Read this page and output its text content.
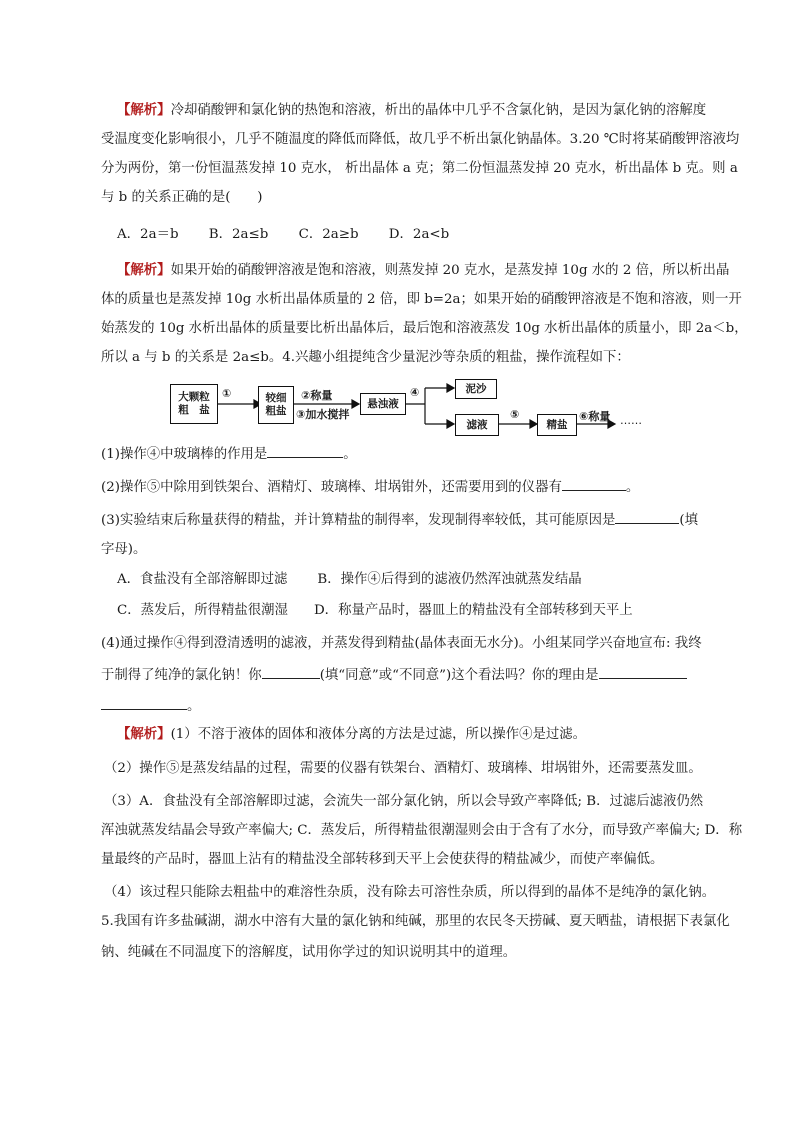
【解析】冷却硝酸钾和氯化钠的热饱和溶液，析出的晶体中几乎不含氯化钠，是因为氯化钠的溶解度

受温度变化影响很小，几乎不随温度的降低而降低，故几乎不析出氯化钠晶体。3.20 ℃时将某硝酸钾溶液均

分为两份，第一份恒温蒸发掉 10 克水， 析出晶体 a 克；第二份恒温蒸发掉 20 克水，析出晶体 b 克。则 a

与 b 的关系正确的是(　　)

A．2a＝b B．2a≤b C．2a≥b D．2a<b

【解析】如果开始的硝酸钾溶液是饱和溶液，则蒸发掉 20 克水，是蒸发掉 10g 水的 2 倍，所以析出晶

体的质量也是蒸发掉 10g 水析出晶体质量的 2 倍，即 b=2a；如果开始的硝酸钾溶液是不饱和溶液，则一开

始蒸发的 10g 水析出晶体的质量要比析出晶体后，最后饱和溶液蒸发 10g 水析出晶体的质量小，即 2a＜b，

所以 a 与 b 的关系是 2a≤b。4.兴趣小组提纯含少量泥沙等杂质的粗盐，操作流程如下：

大颗粒
粗　盐
①	较细
粗盐
②称量
③加水搅拌
悬浊液
④	泥沙
滤液
⑤
精盐
⑥称量 ……

(1)操作④中玻璃棒的作用是	。

(2)操作⑤中除用到铁架台、酒精灯、玻璃棒、坩埚钳外，还需要用到的仪器有	。

(3)实验结束后称量获得的精盐，并计算精盐的制得率，发现制得率较低，其可能原因是	(填

字母)。

A．食盐没有全部溶解即过滤 B．操作④后得到的滤液仍然浑浊就蒸发结晶

C．蒸发后，所得精盐很潮湿 D．称量产品时，器皿上的精盐没有全部转移到天平上

(4)通过操作④得到澄清透明的滤液，并蒸发得到精盐(晶体表面无水分)。小组某同学兴奋地宣布: 我终

于制得了纯净的氯化钠！你	(填“同意”或“不同意”)这个看法吗？你的理由是

。

【解析】(1）不溶于液体的固体和液体分离的方法是过滤，所以操作④是过滤。

（2）操作⑤是蒸发结晶的过程，需要的仪器有铁架台、酒精灯、玻璃棒、坩埚钳外，还需要蒸发皿。

（3）A．食盐没有全部溶解即过滤，会流失一部分氯化钠，所以会导致产率降低; B．过滤后滤液仍然

浑浊就蒸发结晶会导致产率偏大; C．蒸发后，所得精盐很潮湿则会由于含有了水分，而导致产率偏大; D．称

量最终的产品时，器皿上沾有的精盐没全部转移到天平上会使获得的精盐减少，而使产率偏低。

（4）该过程只能除去粗盐中的难溶性杂质，没有除去可溶性杂质，所以得到的晶体不是纯净的氯化钠。

5.我国有许多盐碱湖，湖水中溶有大量的氯化钠和纯碱，那里的农民冬天捞碱、夏天晒盐，请根据下表氯化

钠、纯碱在不同温度下的溶解度，试用你学过的知识说明其中的道理。
